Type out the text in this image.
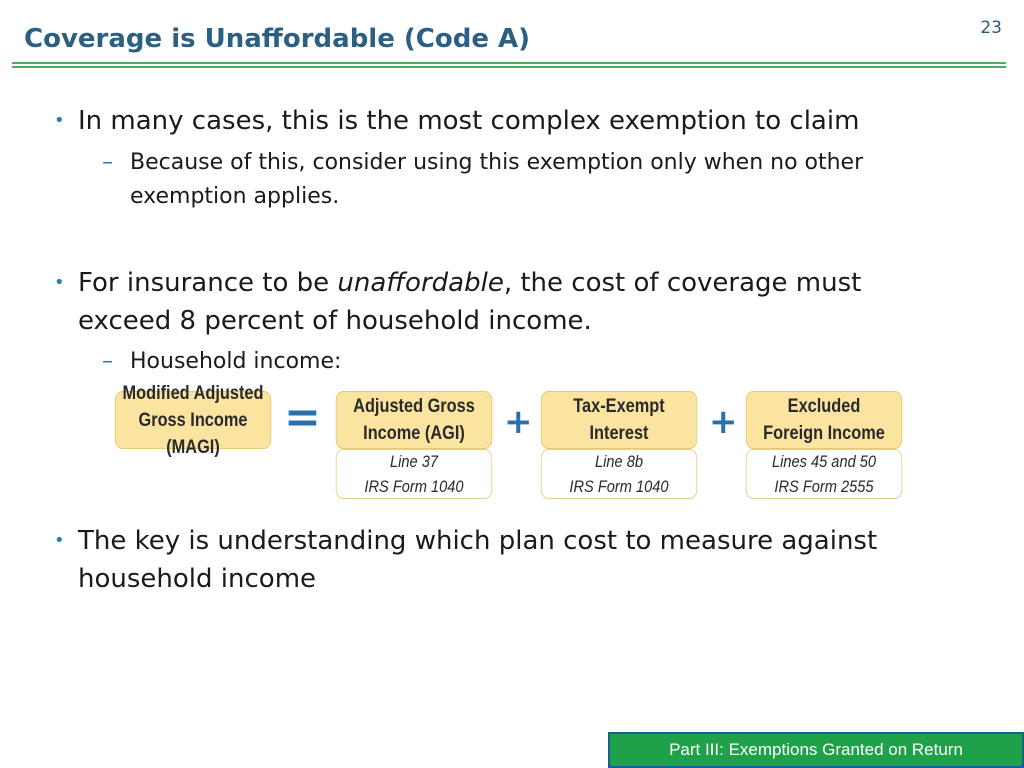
23
Coverage is Unaffordable (Code A)
• In many cases, this is the most complex exemption to claim
– Because of this, consider using this exemption only when no other
exemption applies.
• For insurance to be unaffordable, the cost of coverage must
exceed 8 percent of household income.
– Household income:
Modified Adjusted
Gross Income (MAGI)
=	Adjusted Gross
Income (AGI)
Line 37
IRS Form 1040
+	Tax-Exempt
Interest
Line 8b
IRS Form 1040
+	Excluded
Foreign Income
Lines 45 and 50
IRS Form 2555
• The key is understanding which plan cost to measure against
household income
Part III: Exemptions Granted on Return
